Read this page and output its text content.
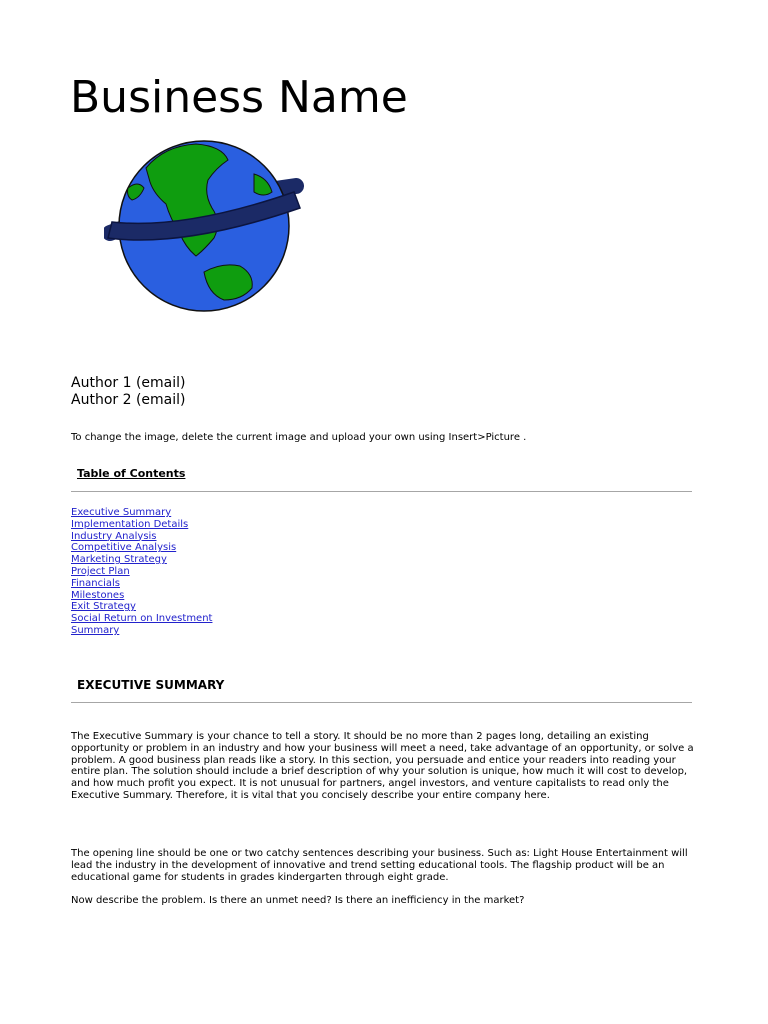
Business Name
Author 1 (email)
Author 2 (email)

To change the image, delete the current image and upload your own using Insert>Picture .

Table of Contents
Executive Summary
Implementation Details
Industry Analysis
Competitive Analysis
Marketing Strategy
Project Plan
Financials
Milestones
Exit Strategy
Social Return on Investment
Summary
EXECUTIVE SUMMARY

The Executive Summary is your chance to tell a story. It should be no more than 2 pages long, detailing an existing opportunity or problem in an industry and how your business will meet a need, take advantage of an opportunity, or solve a problem. A good business plan reads like a story. In this section, you persuade and entice your readers into reading your entire plan. The solution should include a brief description of why your solution is unique, how much it will cost to develop, and how much profit you expect. It is not unusual for partners, angel investors, and venture capitalists to read only the Executive Summary. Therefore, it is vital that you concisely describe your entire company here.

The opening line should be one or two catchy sentences describing your business. Such as: Light House Entertainment will lead the industry in the development of innovative and trend setting educational tools. The flagship product will be an educational game for students in grades kindergarten through eight grade.

Now describe the problem. Is there an unmet need? Is there an inefficiency in the market?
